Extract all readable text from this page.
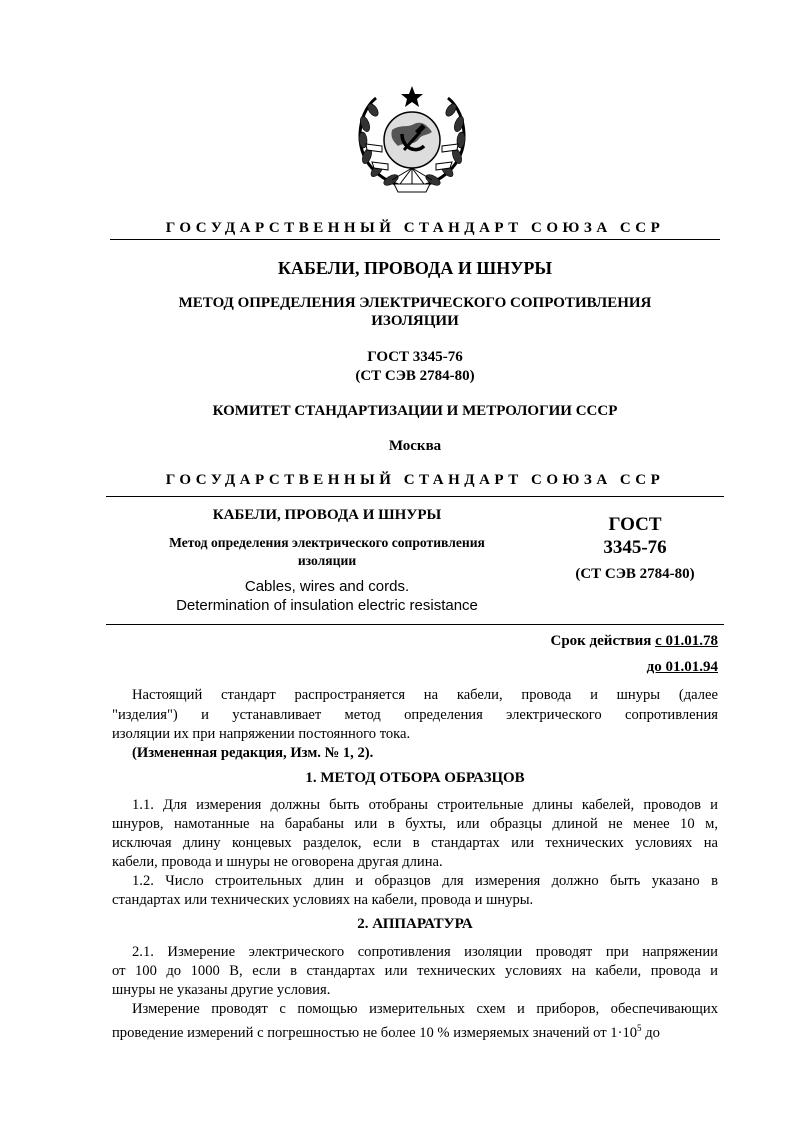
ГОСУДАРСТВЕННЫЙ СТАНДАРТ СОЮЗА ССР
КАБЕЛИ, ПРОВОДА И ШНУРЫ
МЕТОД ОПРЕДЕЛЕНИЯ ЭЛЕКТРИЧЕСКОГО СОПРОТИВЛЕНИЯ
ИЗОЛЯЦИИ
ГОСТ 3345-76
(СТ СЭВ 2784-80)
КОМИТЕТ СТАНДАРТИЗАЦИИ И МЕТРОЛОГИИ СССР
Москва
ГОСУДАРСТВЕННЫЙ СТАНДАРТ СОЮЗА ССР
КАБЕЛИ, ПРОВОДА И ШНУРЫ
Метод определения электрического сопротивления
изоляции
Cables, wires and cords.
Determination of insulation electric resistance
ГОСТ
3345-76
(СТ СЭВ 2784-80)
Срок действия с 01.01.78
до 01.01.94
Настоящий стандарт распространяется на кабели, провода и шнуры (далее
"изделия") и устанавливает метод определения электрического сопротивления
изоляции их при напряжении постоянного тока.
(Измененная редакция, Изм. № 1, 2).
1. МЕТОД ОТБОРА ОБРАЗЦОВ
1.1. Для измерения должны быть отобраны строительные длины кабелей, проводов и
шнуров, намотанные на барабаны или в бухты, или образцы длиной не менее 10 м,
исключая длину концевых разделок, если в стандартах или технических условиях на
кабели, провода и шнуры не оговорена другая длина.
1.2. Число строительных длин и образцов для измерения должно быть указано в
стандартах или технических условиях на кабели, провода и шнуры.
2. АППАРАТУРА
2.1. Измерение электрического сопротивления изоляции проводят при напряжении
от 100 до 1000 В, если в стандартах или технических условиях на кабели, провода и
шнуры не указаны другие условия.
Измерение проводят с помощью измерительных схем и приборов, обеспечивающих
проведение измерений с погрешностью не более 10 % измеряемых значений от $1\cdot 10^5$ до
